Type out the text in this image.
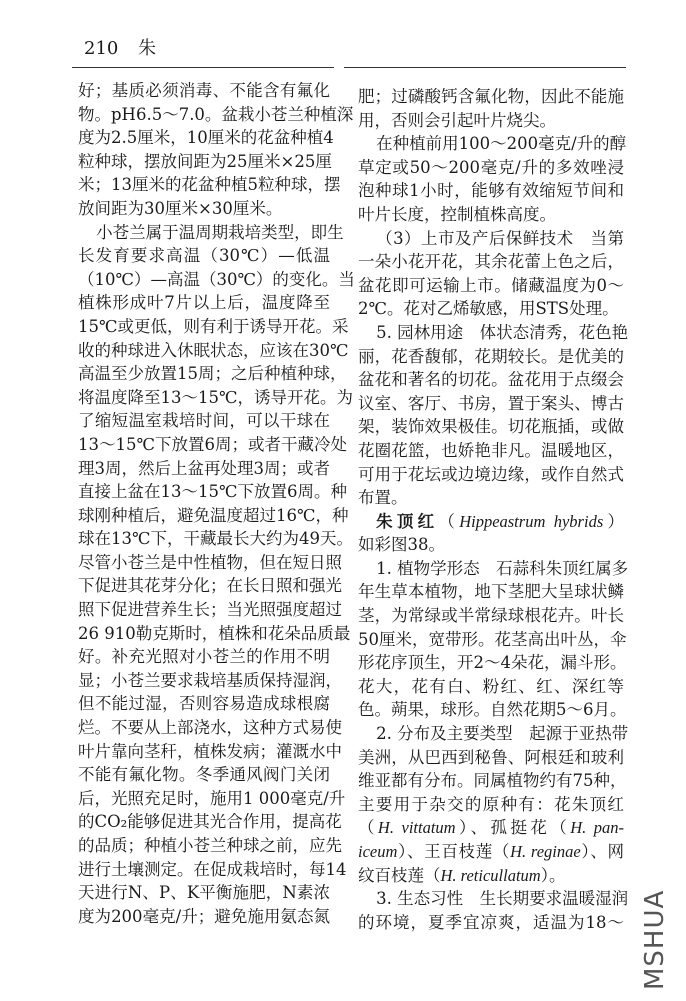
210 朱
好；基质必须消毒、不能含有氟化
物。pH6.5～7.0。盆栽小苍兰种植深
度为2.5厘米，10厘米的花盆种植4
粒种球，摆放间距为25厘米×25厘
米；13厘米的花盆种植5粒种球，摆
放间距为30厘米×30厘米。
小苍兰属于温周期栽培类型，即生
长发育要求高温（30℃）—低温
（10℃）—高温（30℃）的变化。当
植株形成叶7片以上后，温度降至
15℃或更低，则有利于诱导开花。采
收的种球进入休眠状态，应该在30℃
高温至少放置15周；之后种植种球，
将温度降至13～15℃，诱导开花。为
了缩短温室栽培时间，可以干球在
13～15℃下放置6周；或者干藏冷处
理3周，然后上盆再处理3周；或者
直接上盆在13～15℃下放置6周。种
球刚种植后，避免温度超过16℃，种
球在13℃下，干藏最长大约为49天。
尽管小苍兰是中性植物，但在短日照
下促进其花芽分化；在长日照和强光
照下促进营养生长；当光照强度超过
26 910勒克斯时，植株和花朵品质最
好。补充光照对小苍兰的作用不明
显；小苍兰要求栽培基质保持湿润，
但不能过湿，否则容易造成球根腐
烂。不要从上部浇水，这种方式易使
叶片靠向茎秆，植株发病；灌溉水中
不能有氟化物。冬季通风阀门关闭
后，光照充足时，施用1 000毫克/升
的CO₂能够促进其光合作用，提高花
的品质；种植小苍兰种球之前，应先
进行土壤测定。在促成栽培时，每14
天进行N、P、K平衡施肥，N素浓
度为200毫克/升；避免施用氨态氮
肥；过磷酸钙含氟化物，因此不能施
用，否则会引起叶片烧尖。
在种植前用100～200毫克/升的醇
草定或50～200毫克/升的多效唑浸
泡种球1小时，能够有效缩短节间和
叶片长度，控制植株高度。
（3）上市及产后保鲜技术　当第
一朵小花开花，其余花蕾上色之后，
盆花即可运输上市。储藏温度为0～
2℃。花对乙烯敏感，用STS处理。
5. 园林用途　体状态清秀，花色艳
丽，花香馥郁，花期较长。是优美的
盆花和著名的切花。盆花用于点缀会
议室、客厅、书房，置于案头、博古
架，装饰效果极佳。切花瓶插，或做
花圈花篮，也娇艳非凡。温暖地区，
可用于花坛或边境边缘，或作自然式
布置。
朱顶红（Hippeastrum hybrids）
如彩图38。
1. 植物学形态　石蒜科朱顶红属多
年生草本植物，地下茎肥大呈球状鳞
茎，为常绿或半常绿球根花卉。叶长
50厘米，宽带形。花茎高出叶丛，伞
形花序顶生，开2～4朵花，漏斗形。
花大，花有白、粉红、红、深红等
色。蒴果，球形。自然花期5～6月。
2. 分布及主要类型　起源于亚热带
美洲，从巴西到秘鲁、阿根廷和玻利
维亚都有分布。同属植物约有75种，
主要用于杂交的原种有：花朱顶红
（H. vittatum）、孤挺花（H. pan-
iceum）、王百枝莲（H. reginae）、网
纹百枝莲（H. reticullatum）。
3. 生态习性　生长期要求温暖湿润
的环境，夏季宜凉爽，适温为18～ MSHUA
